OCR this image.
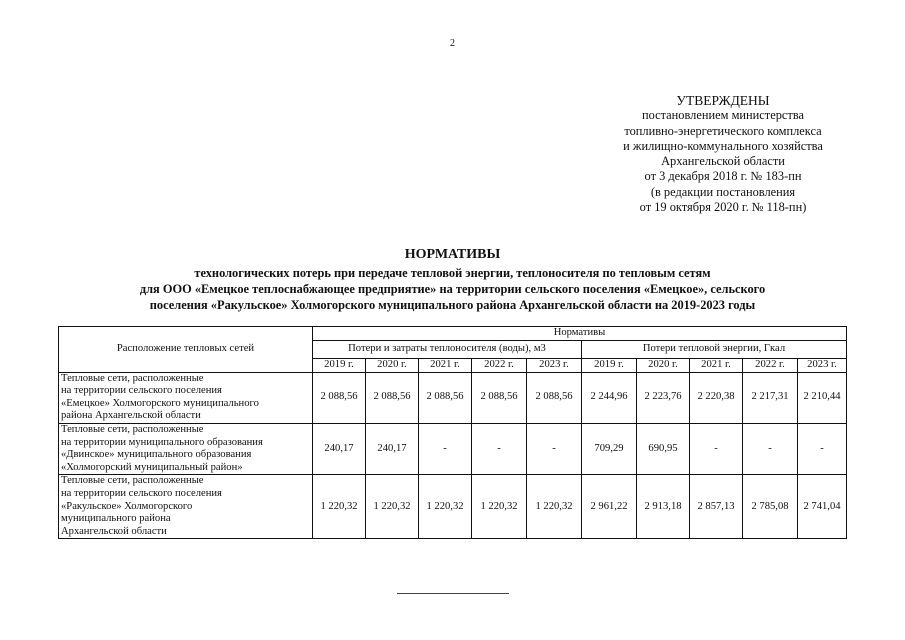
2
УТВЕРЖДЕНЫ
постановлением министерства
топливно-энергетического комплекса
и жилищно-коммунального хозяйства
Архангельской области
от 3 декабря 2018 г. № 183-пн
(в редакции постановления
от 19 октября 2020 г. № 118-пн)
НОРМАТИВЫ
технологических потерь при передаче тепловой энергии, теплоносителя по тепловым сетям
для ООО «Емецкое теплоснабжающее предприятие» на территории сельского поселения «Емецкое», сельского
поселения «Ракульское» Холмогорского муниципального района Архангельской области на 2019-2023 годы
Расположение тепловых сетей	Нормативы									
	Потери и затраты теплоносителя (воды), м3					Потери тепловой энергии, Гкал				
	2019 г.	2020 г.	2021 г.	2022 г.	2023 г.	2019 г.	2020 г.	2021 г.	2022 г.	2023 г.

Тепловые сети, расположенные
на территории сельского поселения
«Емецкое» Холмогорского муниципального
района Архангельской области	2 088,56	2 088,56	2 088,56	2 088,56	2 088,56	2 244,96	2 223,76	2 220,38	2 217,31	2 210,44

Тепловые сети, расположенные
на территории муниципального образования
«Двинское» муниципального образования
«Холмогорский муниципальный район»	240,17	240,17	-	-	-	709,29	690,95	-	-	-

Тепловые сети, расположенные
на территории сельского поселения
«Ракульское» Холмогорского
муниципального района
Архангельской области	1 220,32	1 220,32	1 220,32	1 220,32	1 220,32	2 961,22	2 913,18	2 857,13	2 785,08	2 741,04
